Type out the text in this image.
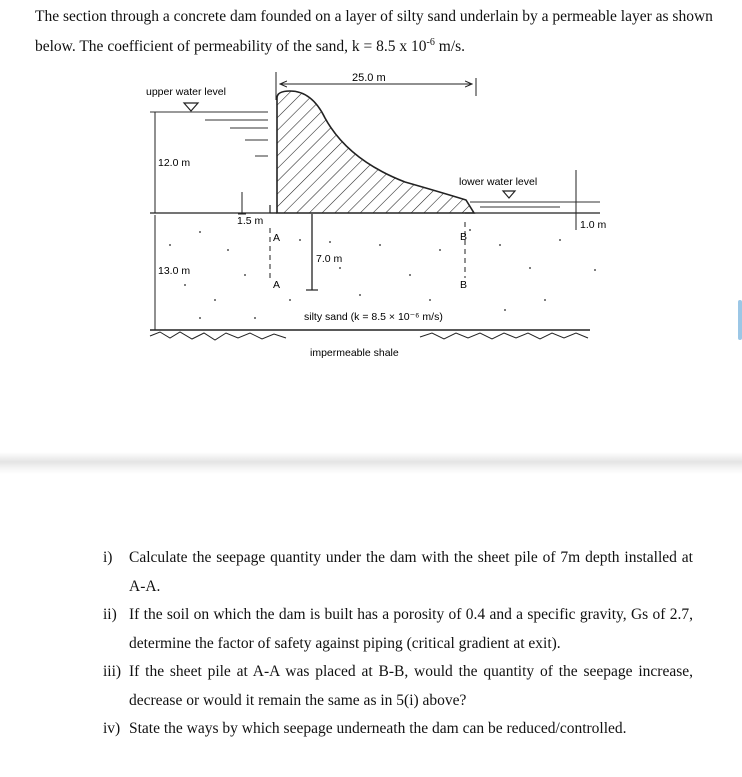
The section through a concrete dam founded on a layer of silty sand underlain by a permeable layer as shown below. The coefficient of permeability of the sand, k = 8.5 x $10^{-6}$ m/s.

25.0 m
upper water level
12.0 m
13.0 m
1.5 m
A
A
7.0 m
B
B
lower water level
1.0 m
silty sand (k = 8.5 × 10⁻⁶ m/s)
impermeable shale
i)	Calculate the seepage quantity under the dam with the sheet pile of 7m depth installed at A-A.
ii) If the soil on which the dam is built has a porosity of 0.4 and a specific gravity, Gs of 2.7, determine the factor of safety against piping (critical gradient at exit).
iii) If the sheet pile at A-A was placed at B-B, would the quantity of the seepage increase, decrease or would it remain the same as in 5(i) above?
iv) State the ways by which seepage underneath the dam can be reduced/controlled.
